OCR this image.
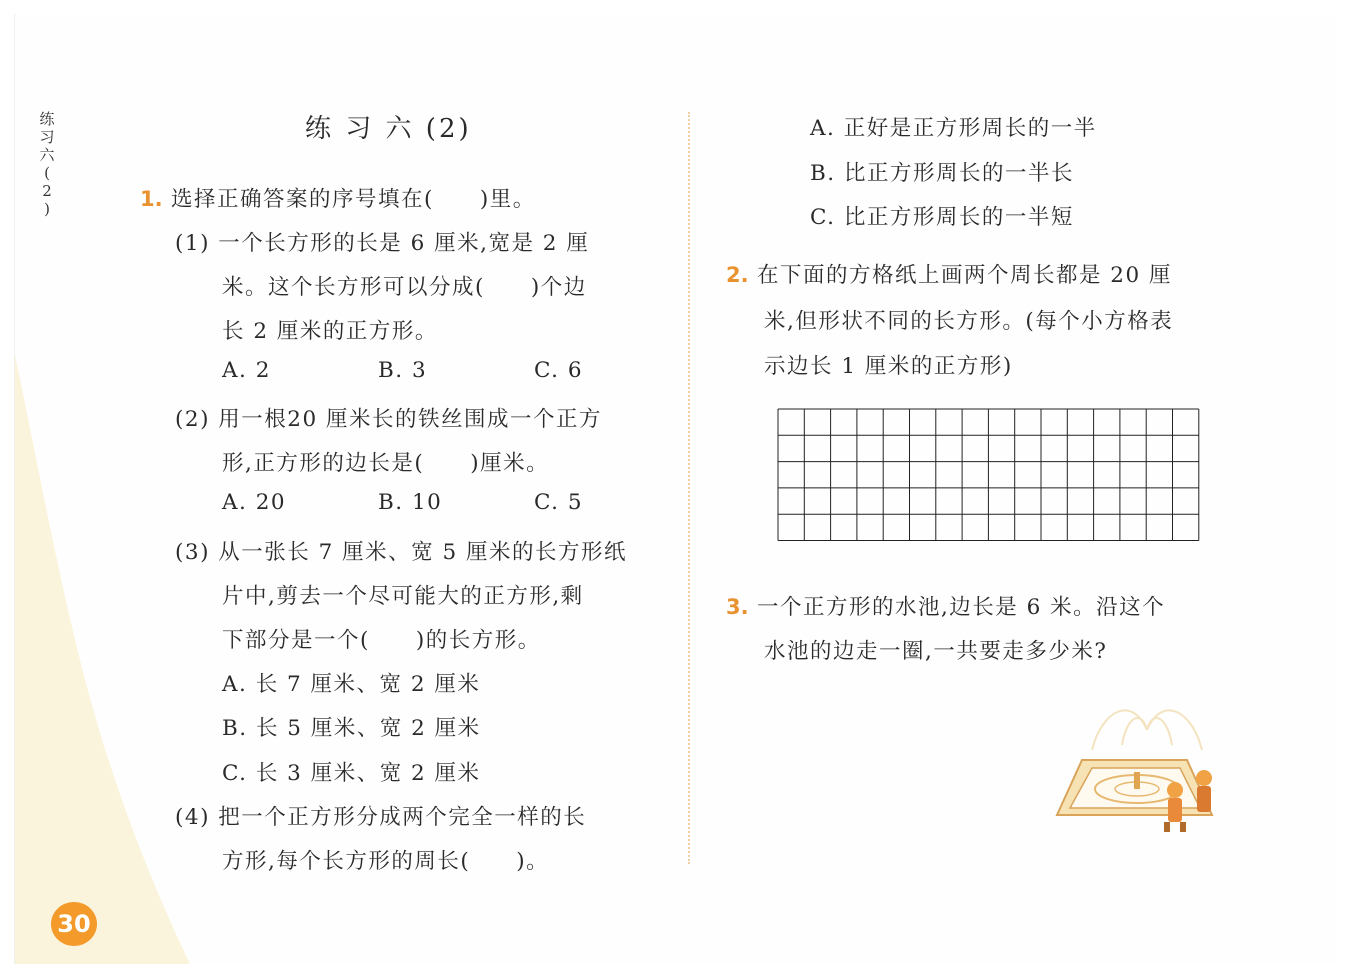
练
习
六
(
2
)
练 习 六 (2)
1. 选择正确答案的序号填在(　　)里。
(1) 一个长方形的长是 6 厘米,宽是 2 厘
米。这个长方形可以分成(　　)个边
长 2 厘米的正方形。
A. 2	B. 3	C. 6
(2) 用一根20 厘米长的铁丝围成一个正方
形,正方形的边长是(　　)厘米。
A. 20	B. 10	C. 5
(3) 从一张长 7 厘米、宽 5 厘米的长方形纸
片中,剪去一个尽可能大的正方形,剩
下部分是一个(　　)的长方形。
A. 长 7 厘米、宽 2 厘米
B. 长 5 厘米、宽 2 厘米
C. 长 3 厘米、宽 2 厘米
(4) 把一个正方形分成两个完全一样的长
方形,每个长方形的周长(　　)。
A. 正好是正方形周长的一半
B. 比正方形周长的一半长
C. 比正方形周长的一半短
2. 在下面的方格纸上画两个周长都是 20 厘
米,但形状不同的长方形。(每个小方格表
示边长 1 厘米的正方形)
3. 一个正方形的水池,边长是 6 米。沿这个
水池的边走一圈,一共要走多少米?
30
